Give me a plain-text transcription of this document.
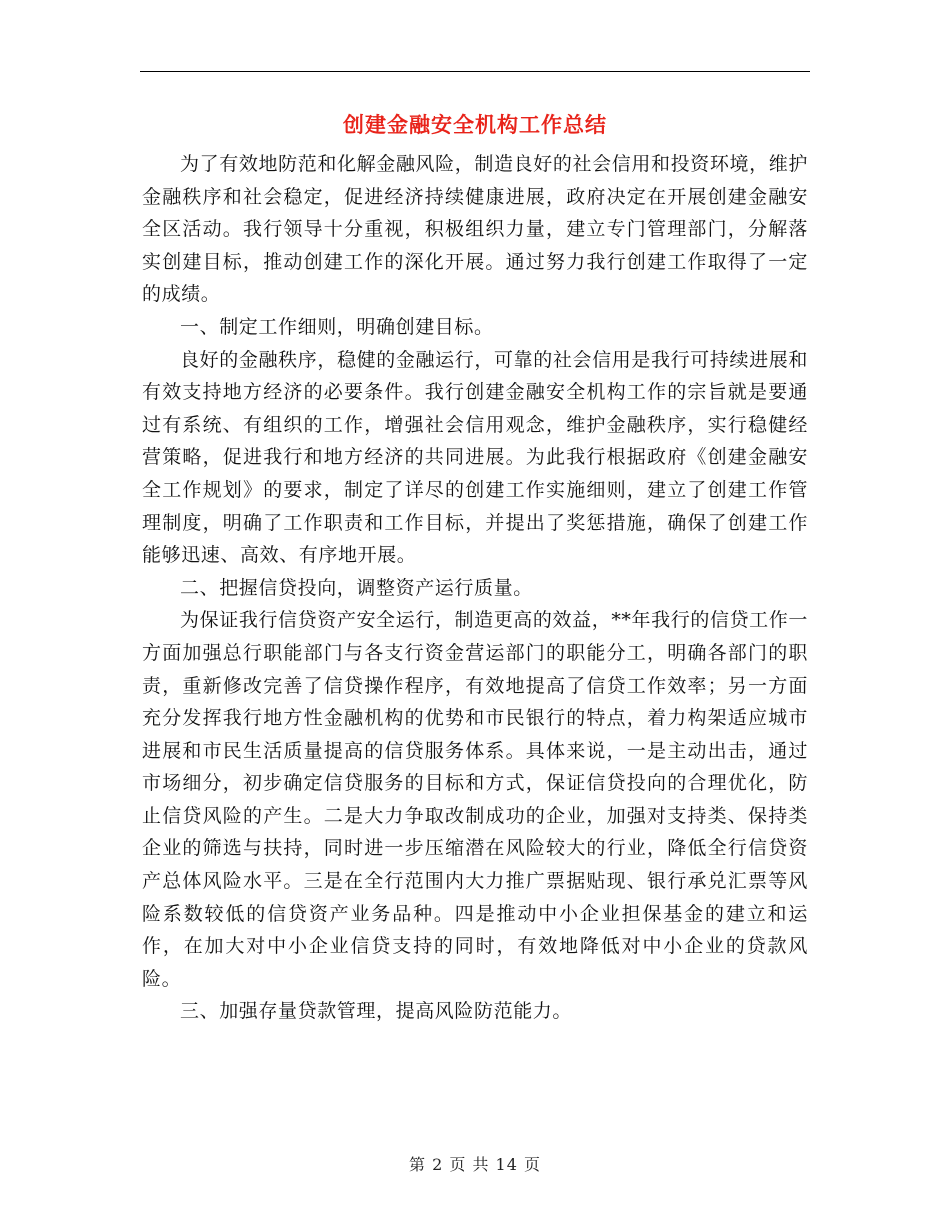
创建金融安全机构工作总结

为了有效地防范和化解金融风险，制造良好的社会信用和投资环境，维护金融秩序和社会稳定，促进经济持续健康进展，政府决定在开展创建金融安全区活动。我行领导十分重视，积极组织力量，建立专门管理部门，分解落实创建目标，推动创建工作的深化开展。通过努力我行创建工作取得了一定的成绩。

一、制定工作细则，明确创建目标。

良好的金融秩序，稳健的金融运行，可靠的社会信用是我行可持续进展和有效支持地方经济的必要条件。我行创建金融安全机构工作的宗旨就是要通过有系统、有组织的工作，增强社会信用观念，维护金融秩序，实行稳健经营策略，促进我行和地方经济的共同进展。为此我行根据政府《创建金融安全工作规划》的要求，制定了详尽的创建工作实施细则，建立了创建工作管理制度，明确了工作职责和工作目标，并提出了奖惩措施，确保了创建工作能够迅速、高效、有序地开展。

二、把握信贷投向，调整资产运行质量。

为保证我行信贷资产安全运行，制造更高的效益，**年我行的信贷工作一方面加强总行职能部门与各支行资金营运部门的职能分工，明确各部门的职责，重新修改完善了信贷操作程序，有效地提高了信贷工作效率；另一方面充分发挥我行地方性金融机构的优势和市民银行的特点，着力构架适应城市进展和市民生活质量提高的信贷服务体系。具体来说，一是主动出击，通过市场细分，初步确定信贷服务的目标和方式，保证信贷投向的合理优化，防止信贷风险的产生。二是大力争取改制成功的企业，加强对支持类、保持类企业的筛选与扶持，同时进一步压缩潜在风险较大的行业，降低全行信贷资产总体风险水平。三是在全行范围内大力推广票据贴现、银行承兑汇票等风险系数较低的信贷资产业务品种。四是推动中小企业担保基金的建立和运作，在加大对中小企业信贷支持的同时，有效地降低对中小企业的贷款风险。

三、加强存量贷款管理，提高风险防范能力。

第 2 页 共 14 页
